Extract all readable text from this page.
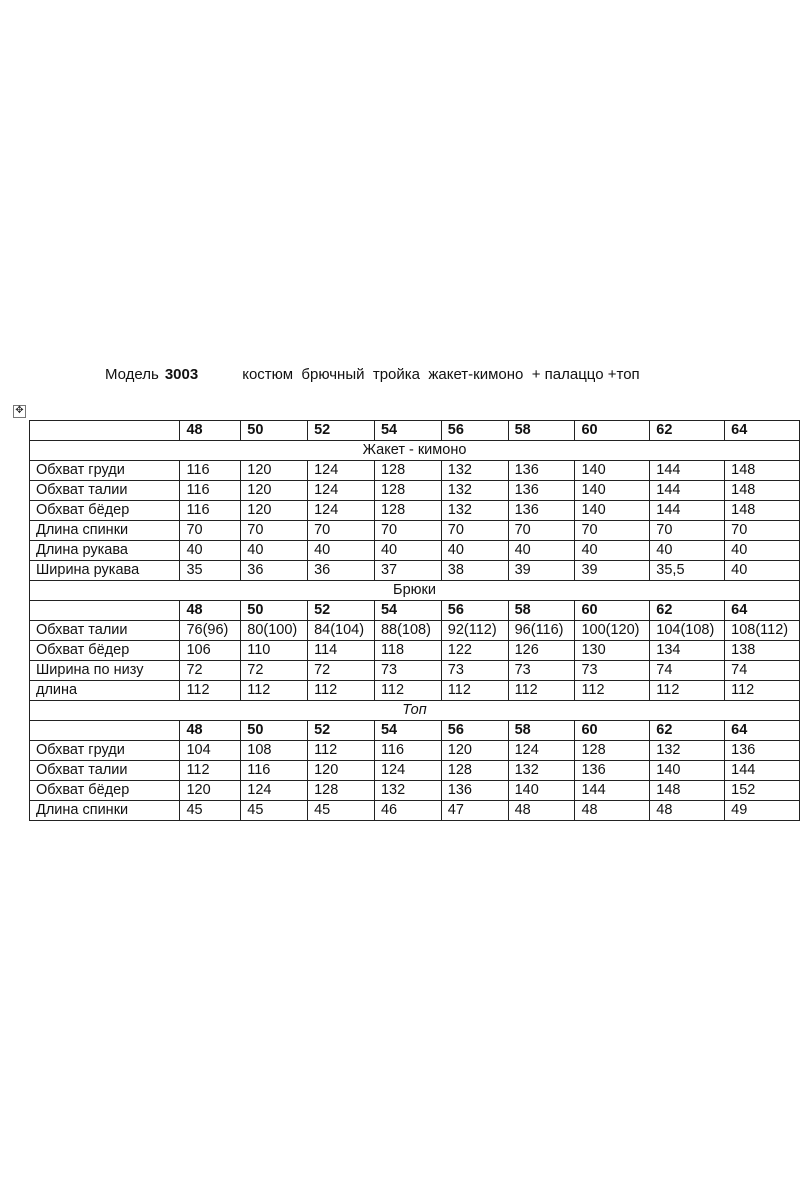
Модель 3003	костюм  брючный  тройка  жакет-кимоно  + палаццо +топ
✥
	48	50	52	54	56	58	60	62	64
Жакет - кимоно									
Обхват груди	116	120	124	128	132	136	140	144	148
Обхват талии	116	120	124	128	132	136	140	144	148
Обхват бёдер	116	120	124	128	132	136	140	144	148
Длина спинки	70	70	70	70	70	70	70	70	70
Длина рукава	40	40	40	40	40	40	40	40	40
Ширина рукава	35	36	36	37	38	39	39	35,5	40
Брюки									
	48	50	52	54	56	58	60	62	64
Обхват талии	76(96)	80(100)	84(104)	88(108)	92(112)	96(116)	100(120)	104(108)	108(112)
Обхват бёдер	106	110	114	118	122	126	130	134	138
Ширина по низу	72	72	72	73	73	73	73	74	74
длина	112	112	112	112	112	112	112	112	112
Топ									
	48	50	52	54	56	58	60	62	64
Обхват груди	104	108	112	116	120	124	128	132	136
Обхват талии	112	116	120	124	128	132	136	140	144
Обхват бёдер	120	124	128	132	136	140	144	148	152
Длина спинки	45	45	45	46	47	48	48	48	49
